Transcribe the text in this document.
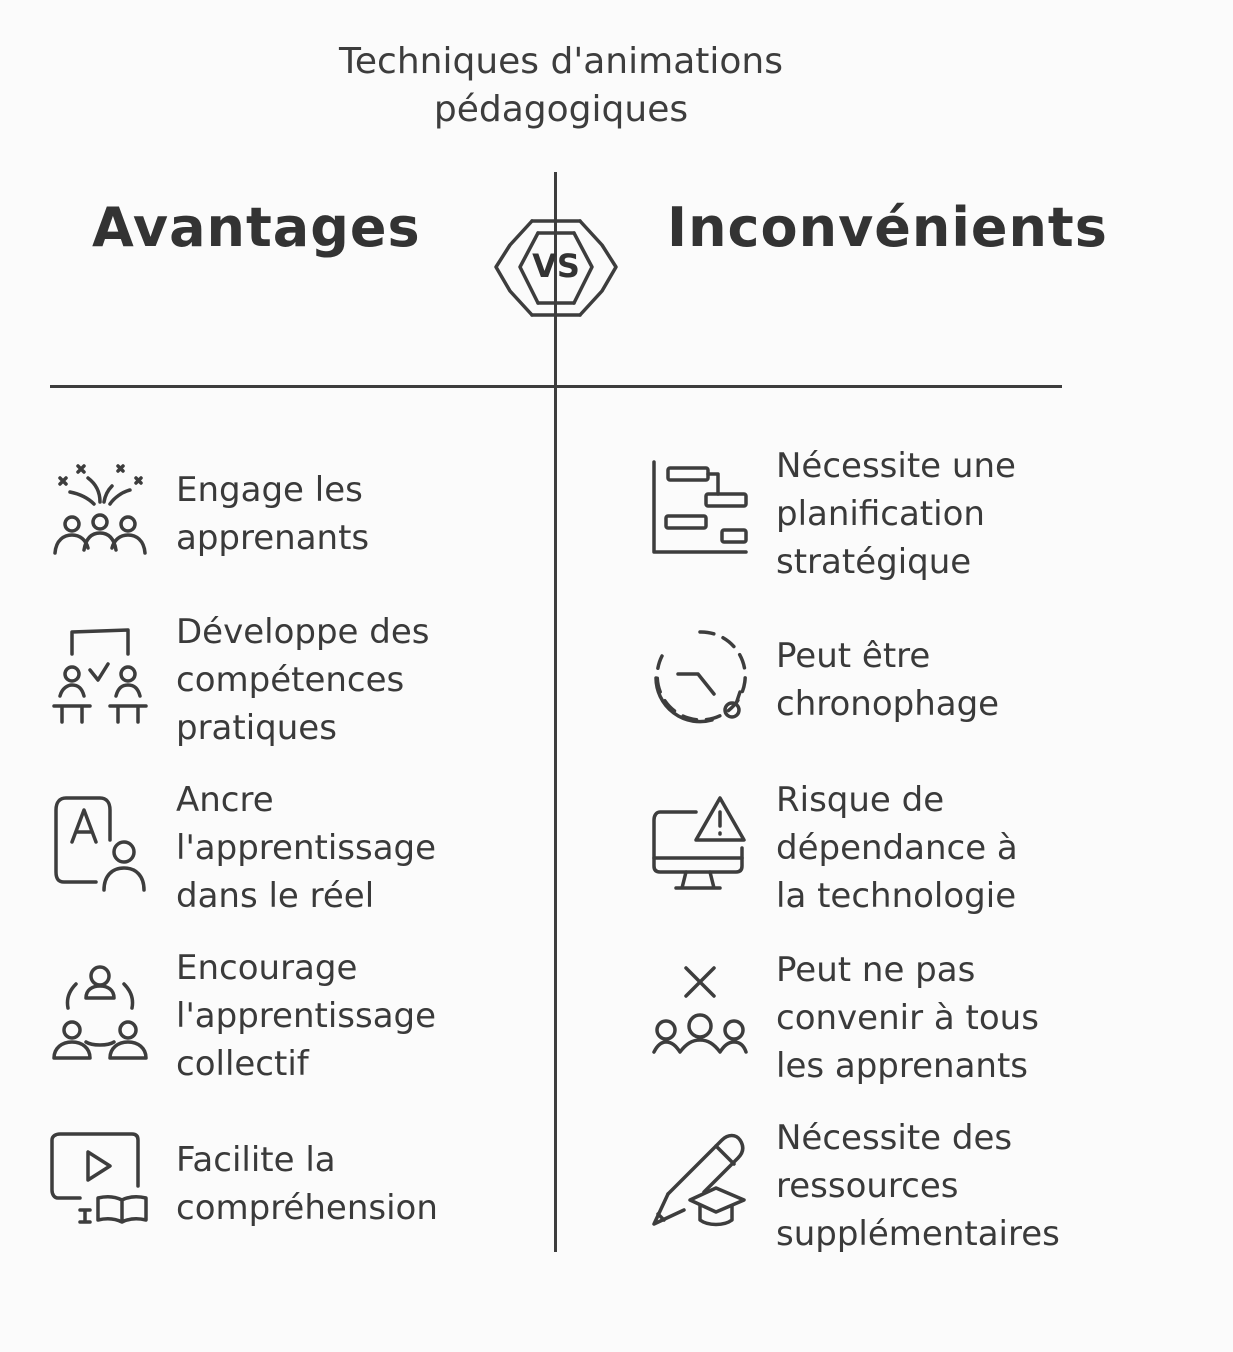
Techniques d'animations
pédagogiques
Avantages	Inconvénients
VS
Engage les
apprenants
Développe des
compétences
pratiques
Ancre
l'apprentissage
dans le réel
Encourage
l'apprentissage
collectif
Facilite la
compréhension
Nécessite une
planification
stratégique
Peut être
chronophage
Risque de
dépendance à
la technologie
Peut ne pas
convenir à tous
les apprenants
Nécessite des
ressources
supplémentaires
